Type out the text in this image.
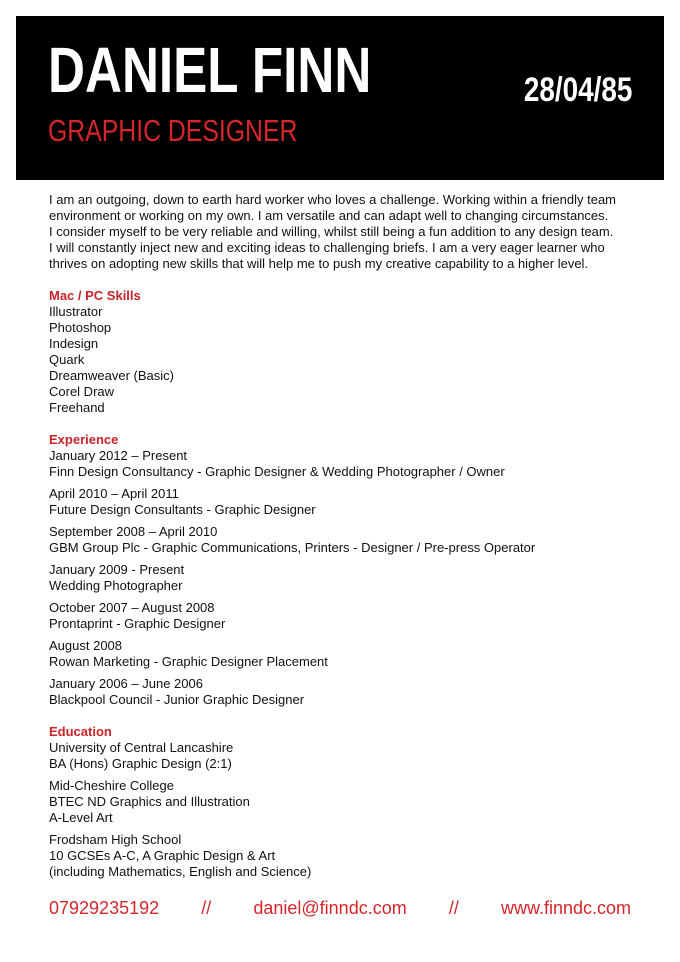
DANIEL FINN
GRAPHIC DESIGNER
28/04/85

I am an outgoing, down to earth hard worker who loves a challenge. Working within a friendly team

environment or working on my own. I am versatile and can adapt well to changing circumstances.

I consider myself to be very reliable and willing, whilst still being a fun addition to any design team.

I will constantly inject new and exciting ideas to challenging briefs. I am a very eager learner who

thrives on adopting new skills that will help me to push my creative capability to a higher level.

Mac / PC Skills

Illustrator

Photoshop

Indesign

Quark

Dreamweaver (Basic)

Corel Draw

Freehand

Experience

January 2012 – Present

Finn Design Consultancy - Graphic Designer & Wedding Photographer / Owner

April 2010 – April 2011

Future Design Consultants - Graphic Designer

September 2008 – April 2010

GBM Group Plc - Graphic Communications, Printers - Designer / Pre-press Operator

January 2009 - Present

Wedding Photographer

October 2007 – August 2008

Prontaprint - Graphic Designer

August 2008

Rowan Marketing - Graphic Designer Placement

January 2006 – June 2006

Blackpool Council - Junior Graphic Designer

Education

University of Central Lancashire

BA (Hons) Graphic Design (2:1)

Mid-Cheshire College

BTEC ND Graphics and Illustration

A-Level Art

Frodsham High School

10 GCSEs A-C, A Graphic Design & Art

(including Mathematics, English and Science)

07929235192 // daniel@finndc.com // www.finndc.com
